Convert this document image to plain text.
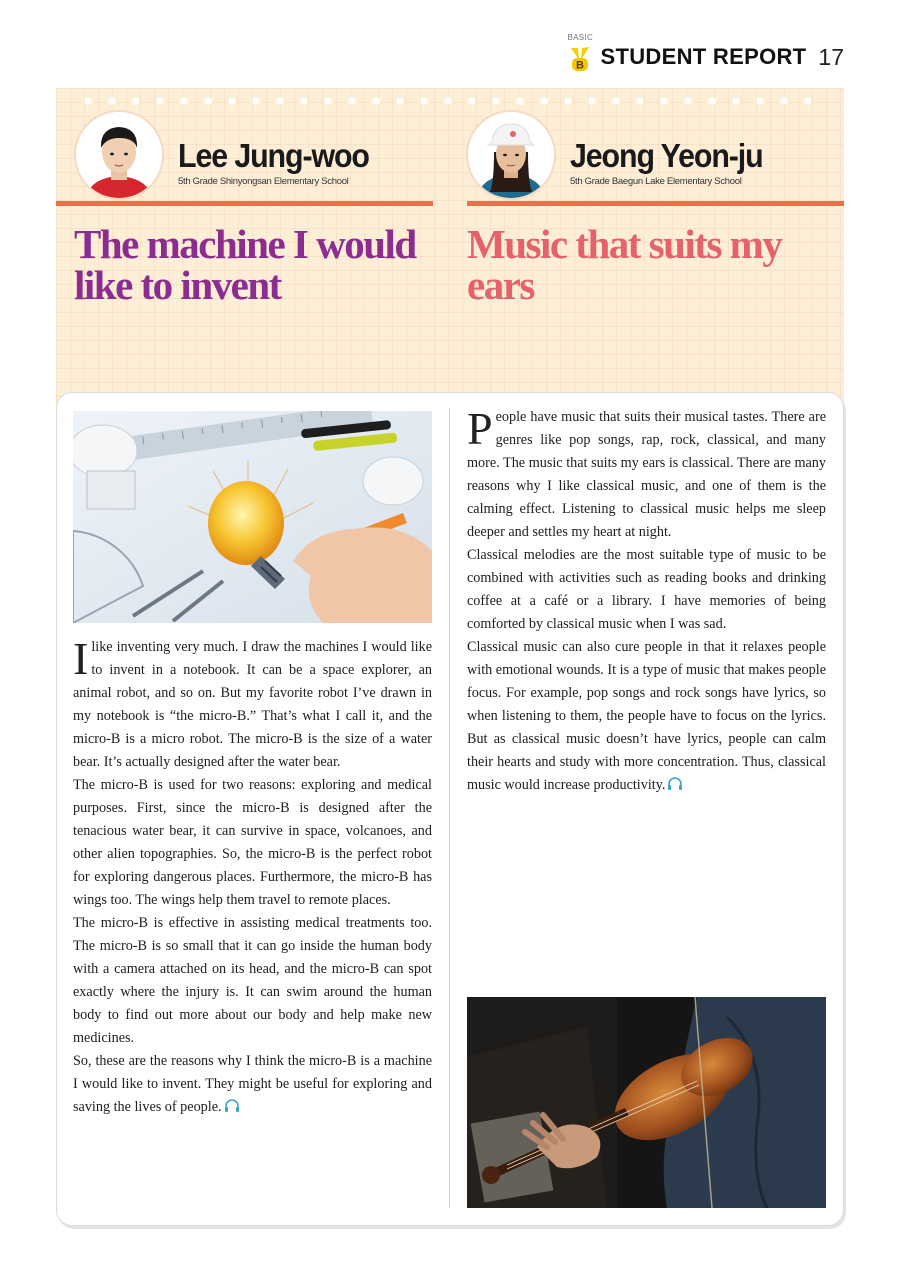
BASIC
B STUDENT REPORT 17
Lee Jung-woo
5th Grade Shinyongsan Elementary School
Jeong Yeon-ju
5th Grade Baegun Lake Elementary School
The machine I would like to invent
Music that suits my ears

I like inventing very much. I draw the machines I would like to invent in a notebook. It can be a space explorer, an animal robot, and so on. But my favorite robot I’ve drawn in my notebook is “the micro-B.” That’s what I call it, and the micro-B is a micro robot. The micro-B is the size of a water bear. It’s actually designed after the water bear.

The micro-B is used for two reasons: exploring and medical purposes. First, since the micro-B is designed after the tenacious water bear, it can survive in space, volcanoes, and other alien topographies. So, the micro-B is the perfect robot for exploring dangerous places. Furthermore, the micro-B has wings too. The wings help them travel to remote places.

The micro-B is effective in assisting medical treatments too. The micro-B is so small that it can go inside the human body with a camera attached on its head, and the micro-B can spot exactly where the injury is. It can swim around the human body to find out more about our body and help make new medicines.

So, these are the reasons why I think the micro-B is a machine I would like to invent. They might be useful for exploring and saving the lives of people.

People have music that suits their musical tastes. There are genres like pop songs, rap, rock, classical, and many more. The music that suits my ears is classical. There are many reasons why I like classical music, and one of them is the calming effect. Listening to classical music helps me sleep deeper and settles my heart at night.

Classical melodies are the most suitable type of music to be combined with activities such as reading books and drinking coffee at a café or a library. I have memories of being comforted by classical music when I was sad.

Classical music can also cure people in that it relaxes people with emotional wounds. It is a type of music that makes people focus. For example, pop songs and rock songs have lyrics, so when listening to them, the people have to focus on the lyrics. But as classical music doesn’t have lyrics, people can calm their hearts and study with more concentration. Thus, classical music would increase productivity.
